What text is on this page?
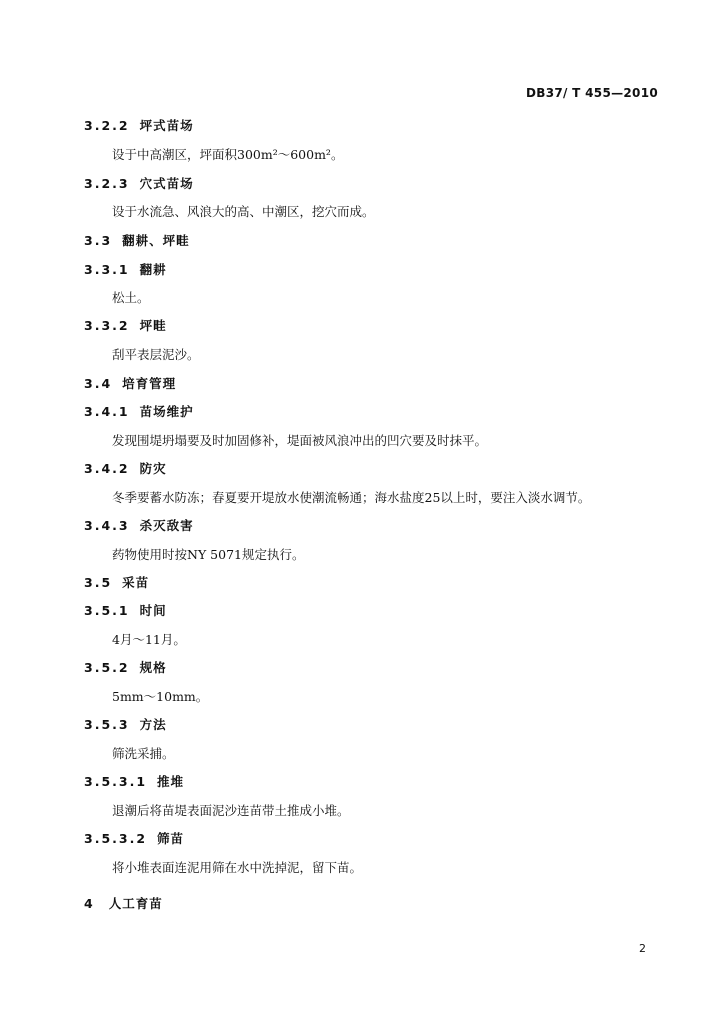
DB37/ T 455—2010
3.2.2 坪式苗场
设于中高潮区，坪面积300m²～600m²。
3.2.3 穴式苗场
设于水流急、风浪大的高、中潮区，挖穴而成。
3.3 翻耕、坪畦
3.3.1 翻耕
松土。
3.3.2 坪畦
刮平表层泥沙。
3.4 培育管理
3.4.1 苗场维护
发现围堤坍塌要及时加固修补，堤面被风浪冲出的凹穴要及时抹平。
3.4.2 防灾
冬季要蓄水防冻；春夏要开堤放水使潮流畅通；海水盐度25以上时，要注入淡水调节。
3.4.3 杀灭敌害
药物使用时按NY 5071规定执行。
3.5 采苗
3.5.1 时间
4月～11月。
3.5.2 规格
5mm～10mm。
3.5.3 方法
筛洗采捕。
3.5.3.1 推堆
退潮后将苗堤表面泥沙连苗带土推成小堆。
3.5.3.2 筛苗
将小堆表面连泥用筛在水中洗掉泥，留下苗。
4 人工育苗
2
